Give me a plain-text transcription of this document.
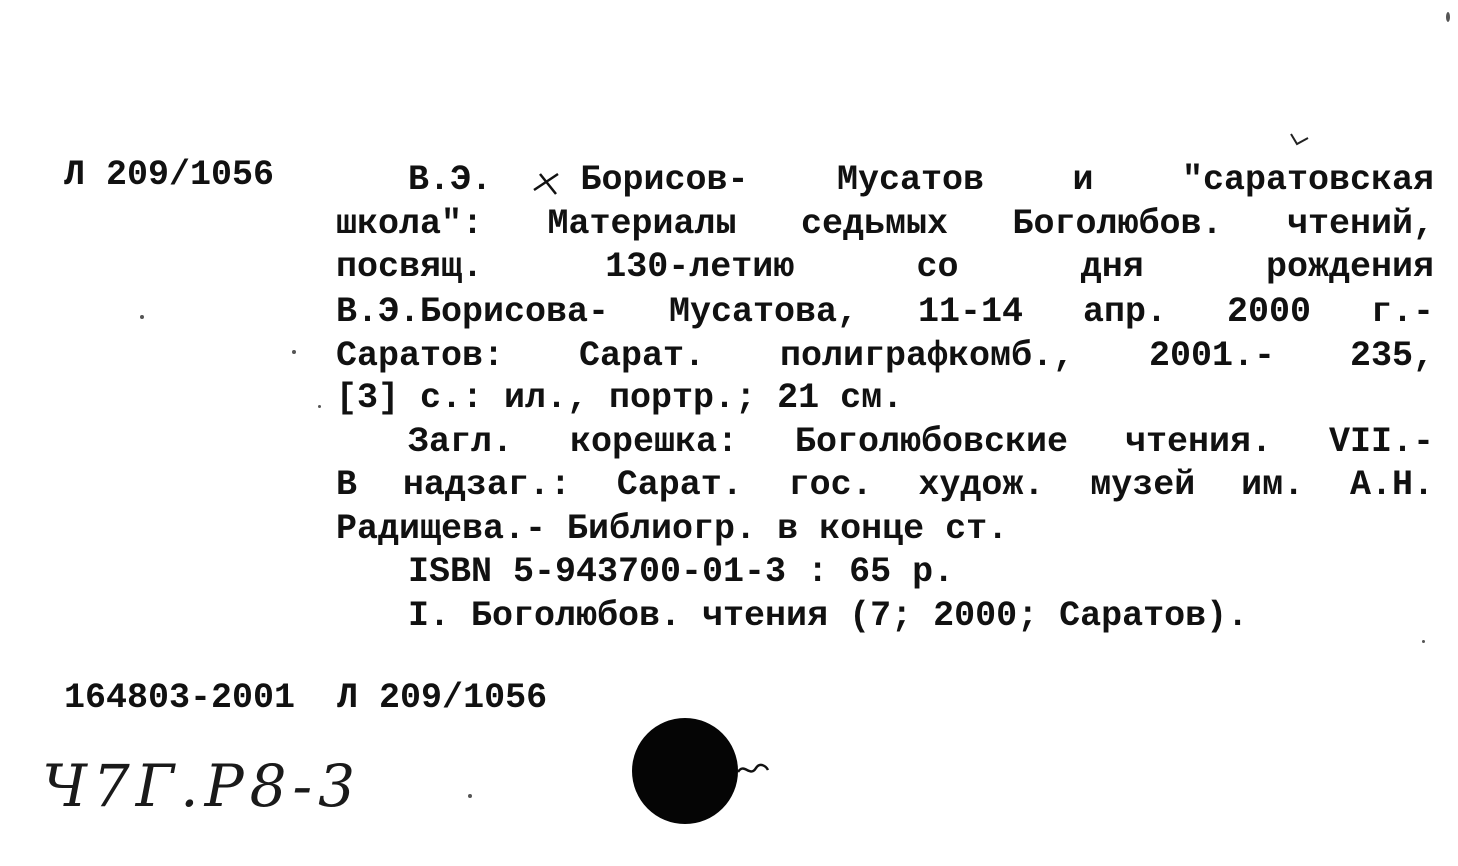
Л 209/1056	В.Э. Борисов- Мусатов и "саратовская
школа": Материалы седьмых Боголюбов. чтений,
посвящ. 130-летию со дня рождения
В.Э.Борисова- Мусатова, 11-14 апр. 2000 г.-
Саратов: Сарат. полиграфкомб., 2001.- 235,
[3] с.: ил., портр.; 21 см.
Загл. корешка: Боголюбовские чтения. VII.-
В надзаг.: Сарат. гос. худож. музей им. А.Н.
Радищева.- Библиогр. в конце ст.
ISBN 5-943700-01-3 : 65 р.
I. Боголюбов. чтения (7; 2000; Саратов).
164803-2001  Л 209/1056
Ч7Г.Р8-3
